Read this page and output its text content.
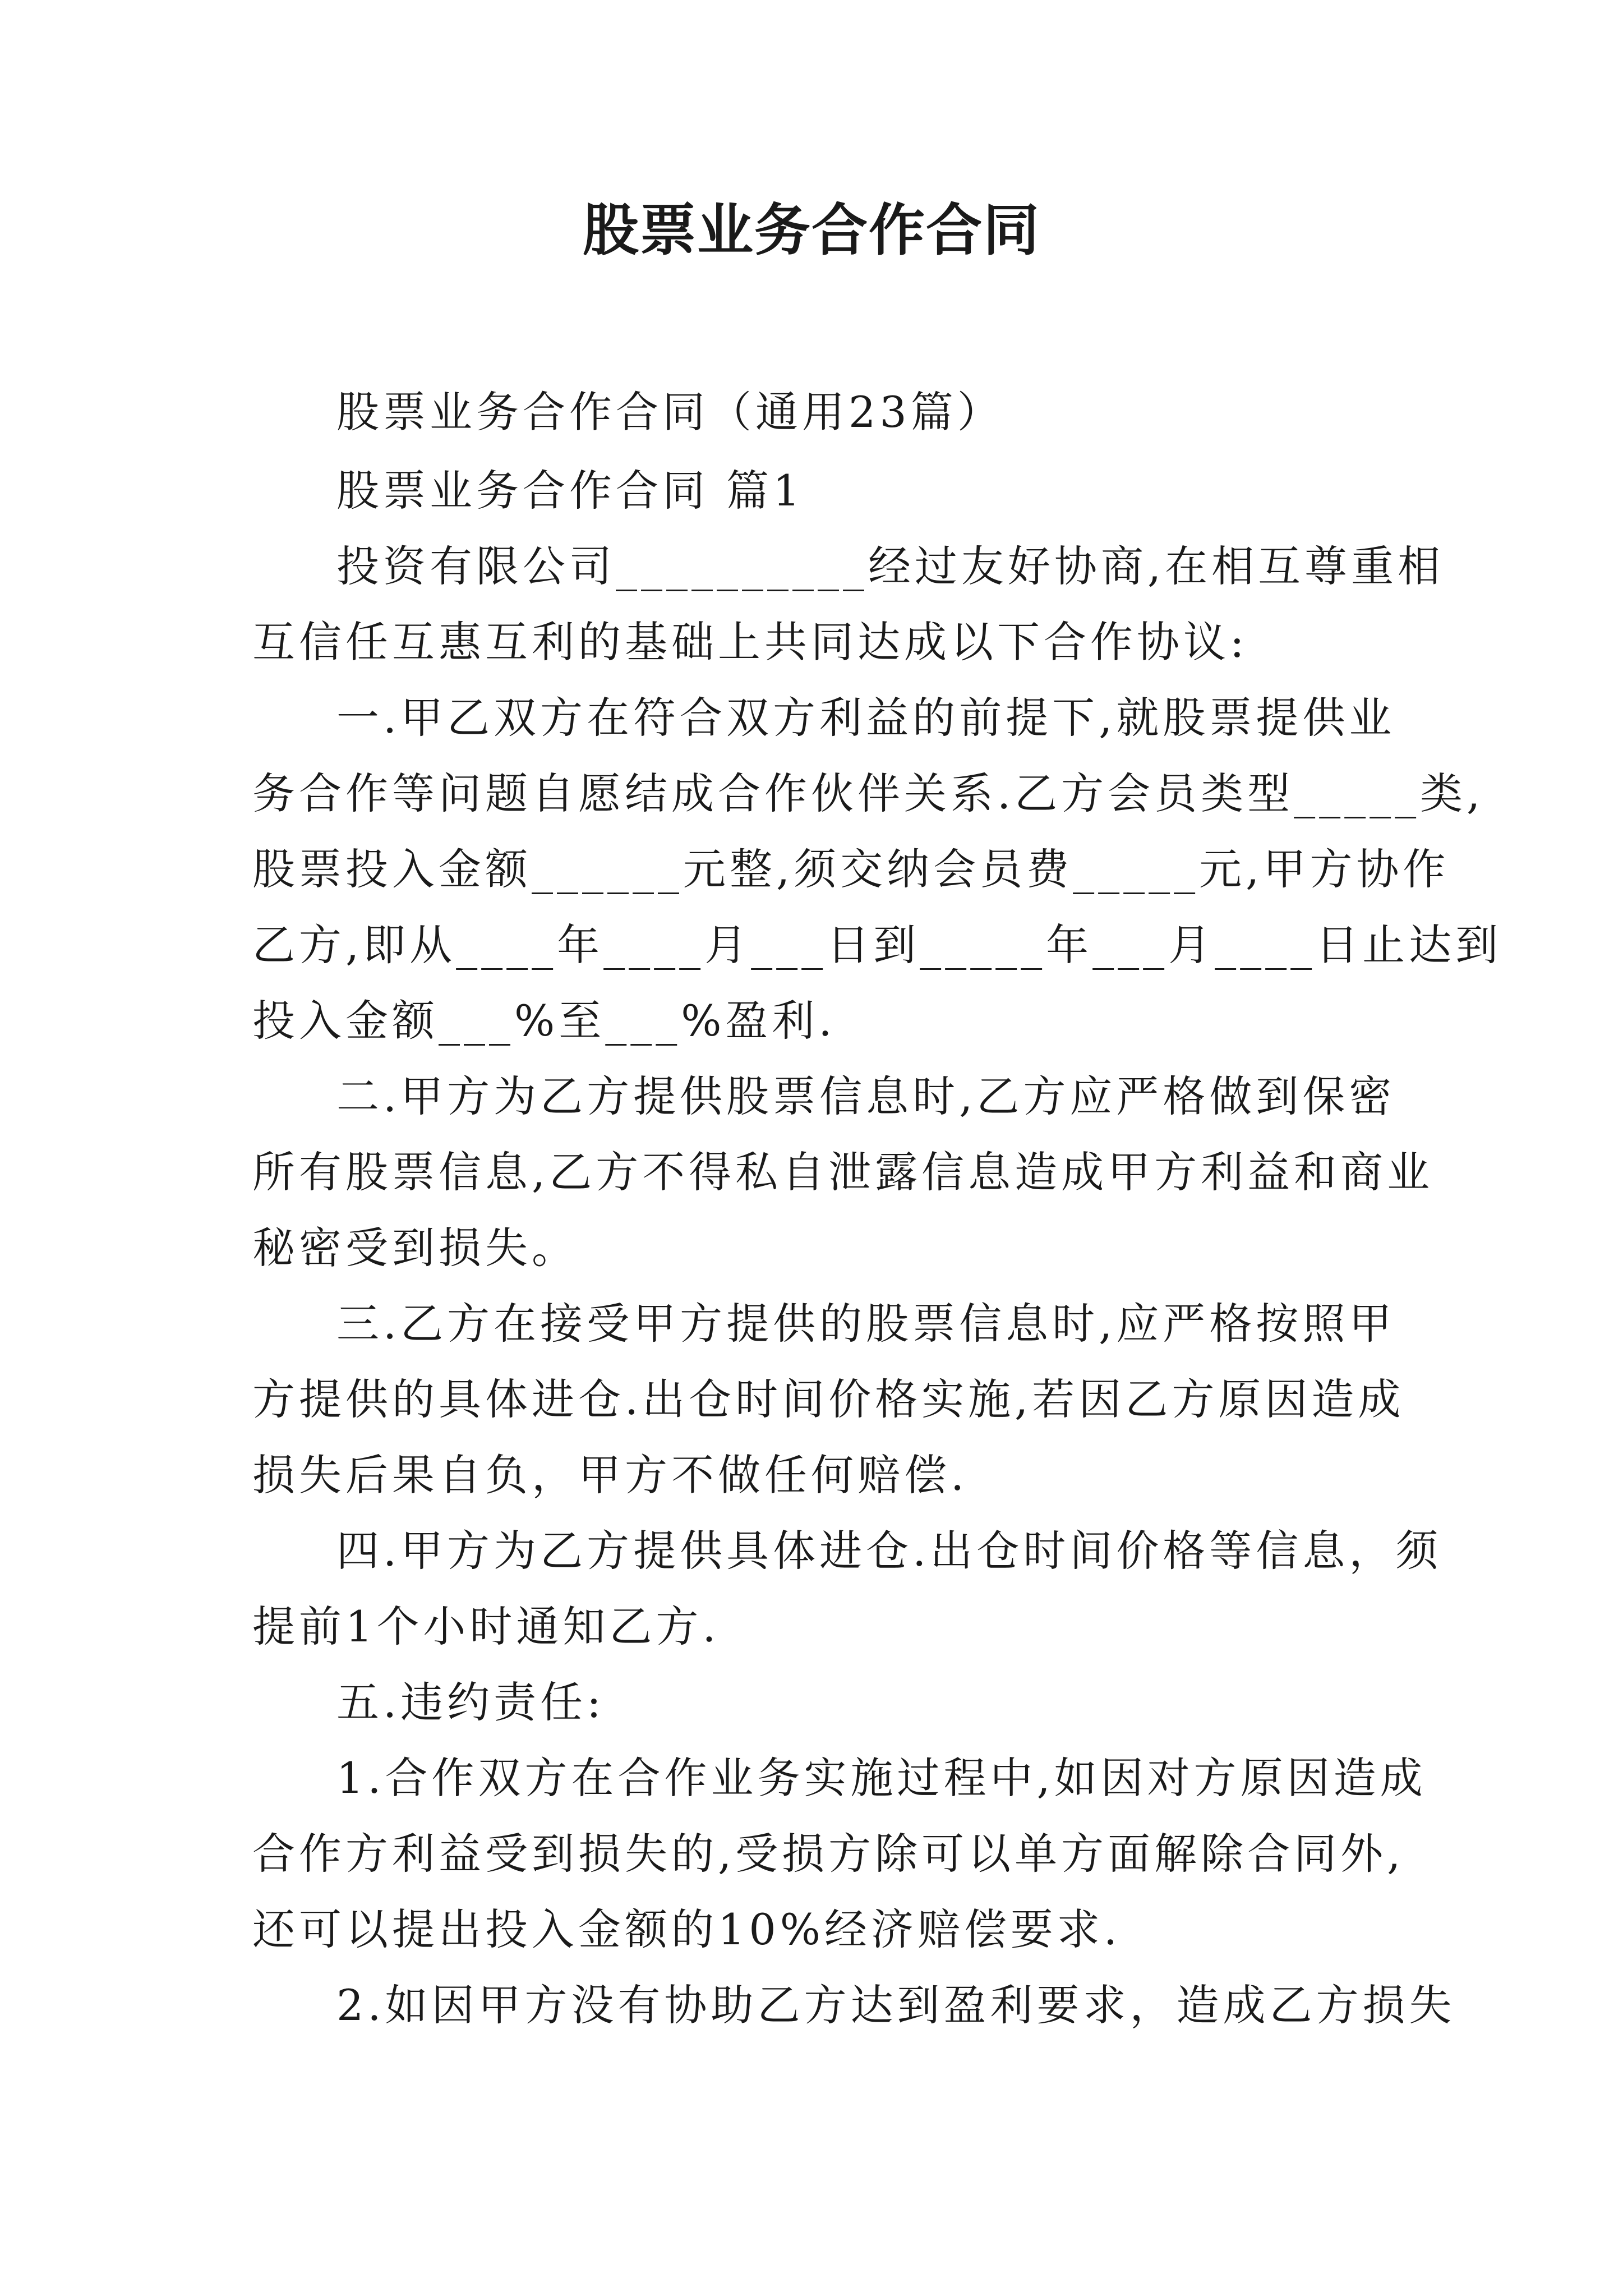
股票业务合作合同
股票业务合作合同（通用23篇）
股票业务合作合同 篇1
投资有限公司__________经过友好协商,在相互尊重相
互信任互惠互利的基础上共同达成以下合作协议:
一.甲乙双方在符合双方利益的前提下,就股票提供业
务合作等问题自愿结成合作伙伴关系.乙方会员类型_____类,
股票投入金额______元整,须交纳会员费_____元,甲方协作
乙方,即从____年____月___日到_____年___月____日止达到
投入金额___%至___%盈利.
二.甲方为乙方提供股票信息时,乙方应严格做到保密
所有股票信息,乙方不得私自泄露信息造成甲方利益和商业
秘密受到损失。
三.乙方在接受甲方提供的股票信息时,应严格按照甲
方提供的具体进仓.出仓时间价格实施,若因乙方原因造成
损失后果自负，甲方不做任何赔偿.
四.甲方为乙方提供具体进仓.出仓时间价格等信息，须
提前1个小时通知乙方.
五.违约责任:
1.合作双方在合作业务实施过程中,如因对方原因造成
合作方利益受到损失的,受损方除可以单方面解除合同外,
还可以提出投入金额的10%经济赔偿要求.
2.如因甲方没有协助乙方达到盈利要求，造成乙方损失
